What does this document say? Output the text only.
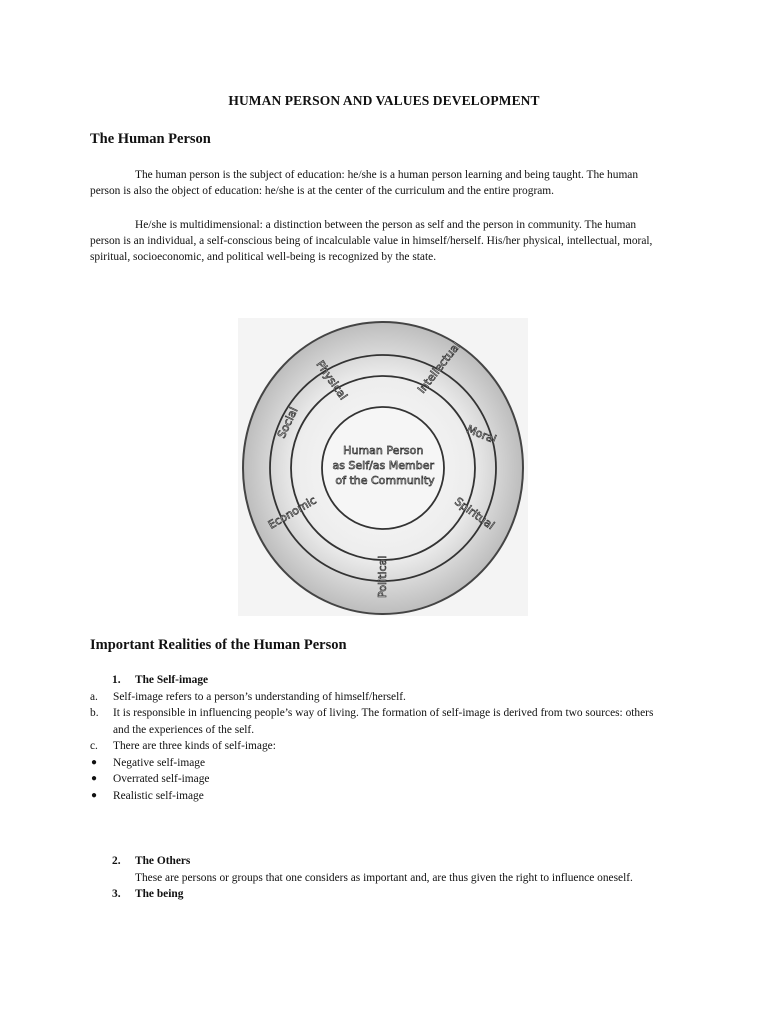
HUMAN PERSON AND VALUES DEVELOPMENT
The Human Person

The human person is the subject of education: he/she is a human person learning and being taught. The human person is also the object of education: he/she is at the center of the curriculum and the entire program.

He/she is multidimensional: a distinction between the person as self and the person in community. The human person is an individual, a self-conscious being of incalculable value in himself/herself. His/her physical, intellectual, moral, spiritual, socioeconomic, and political well-being is recognized by the state.

Human Person as Self/as Member of the Community
Physical	Intellectual
Social	Moral
Economic	Spiritual
Political
Important Realities of the Human Person
1. The Self-image
a. Self-image refers to a person’s understanding of himself/herself.
b. It is responsible in influencing people’s way of living. The formation of self-image is derived from two sources: others and the experiences of the self.
c. There are three kinds of self-image:
● Negative self-image
● Overrated self-image
● Realistic self-image
2. The Others
These are persons or groups that one considers as important and, are thus given the right to influence oneself.
3. The being
